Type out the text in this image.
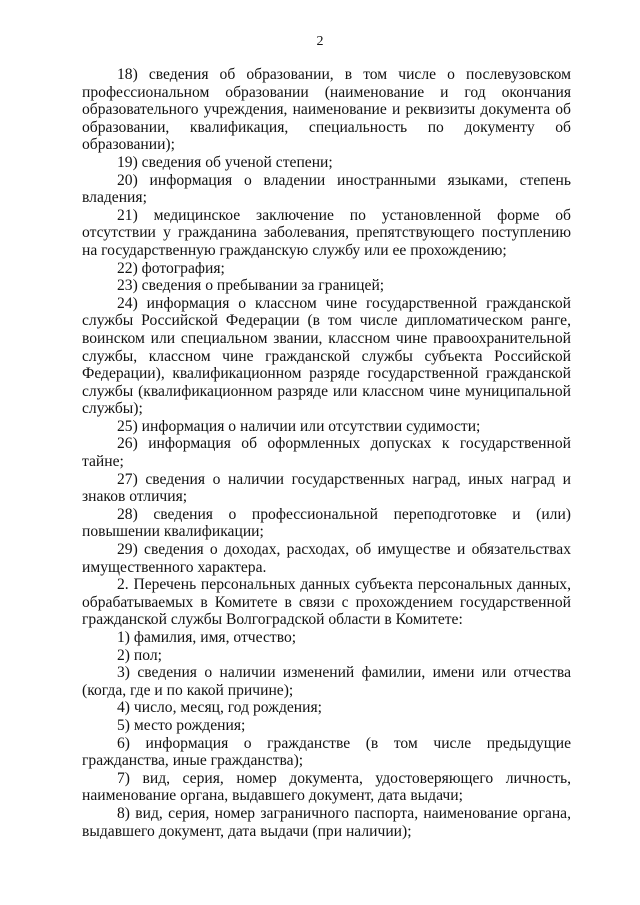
2

18) сведения об образовании, в том числе о послевузовском профессиональном образовании (наименование и год окончания образовательного учреждения, наименование и реквизиты документа об образовании, квалификация, специальность по документу об образовании);

19) сведения об ученой степени;

20) информация о владении иностранными языками, степень владения;

21) медицинское заключение по установленной форме об отсутствии у гражданина заболевания, препятствующего поступлению на государственную гражданскую службу или ее прохождению;

22) фотография;

23) сведения о пребывании за границей;

24) информация о классном чине государственной гражданской службы Российской Федерации (в том числе дипломатическом ранге, воинском или специальном звании, классном чине правоохранительной службы, классном чине гражданской службы субъекта Российской Федерации), квалификационном разряде государственной гражданской службы (квалификационном разряде или классном чине муниципальной службы);

25) информация о наличии или отсутствии судимости;

26) информация об оформленных допусках к государственной тайне;

27) сведения о наличии государственных наград, иных наград и знаков отличия;

28) сведения о профессиональной переподготовке и (или) повышении квалификации;

29) сведения о доходах, расходах, об имуществе и обязательствах имущественного характера.

2. Перечень персональных данных субъекта персональных данных, обрабатываемых в Комитете в связи с прохождением государственной гражданской службы Волгоградской области в Комитете:

1) фамилия, имя, отчество;

2) пол;

3) сведения о наличии изменений фамилии, имени или отчества (когда, где и по какой причине);

4) число, месяц, год рождения;

5) место рождения;

6) информация о гражданстве (в том числе предыдущие гражданства, иные гражданства);

7) вид, серия, номер документа, удостоверяющего личность, наименование органа, выдавшего документ, дата выдачи;

8) вид, серия, номер заграничного паспорта, наименование органа, выдавшего документ, дата выдачи (при наличии);
